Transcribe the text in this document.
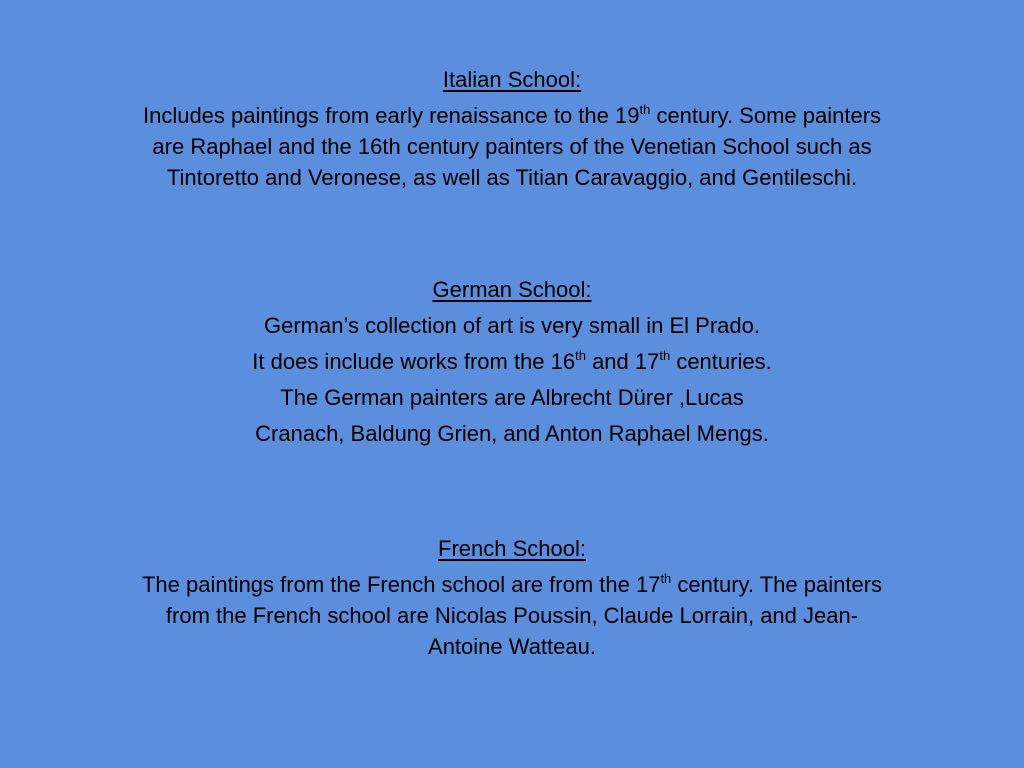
Italian School:
Includes paintings from early renaissance to the 19th century. Some painters
are Raphael and the 16th century painters of the Venetian School such as
Tintoretto and Veronese, as well as Titian Caravaggio, and Gentileschi.
German School:
German’s collection of art is very small in El Prado.
It does include works from the 16th and 17th centuries.
The German painters are Albrecht Dürer ,Lucas
Cranach, Baldung Grien, and Anton Raphael Mengs.
French School:
The paintings from the French school are from the 17th century. The painters
from the French school are Nicolas Poussin, Claude Lorrain, and Jean-
Antoine Watteau.
